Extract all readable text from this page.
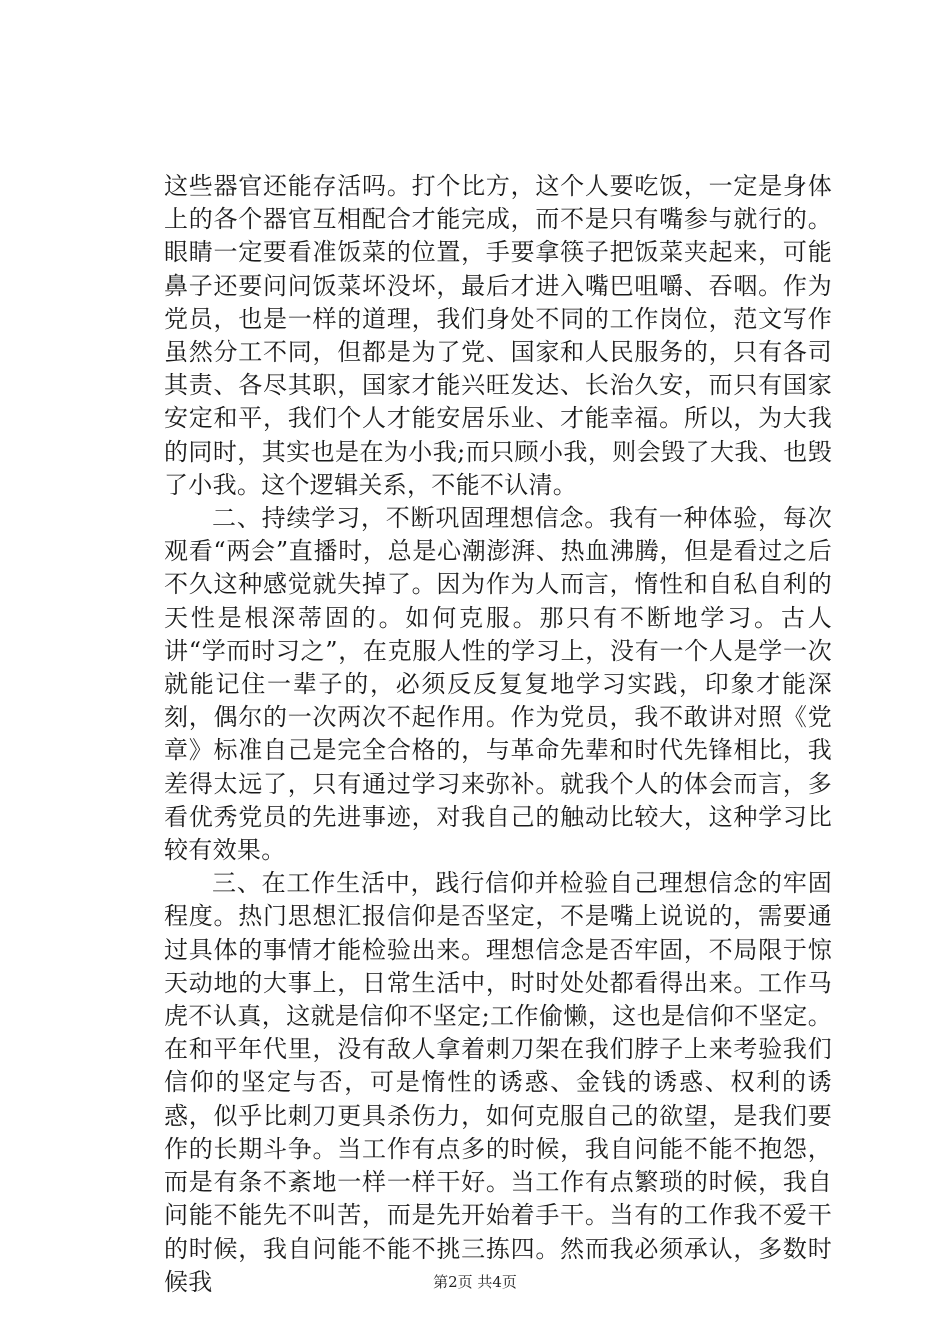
这些器官还能存活吗。打个比方，这个人要吃饭，一定是身体上的各个器官互相配合才能完成，而不是只有嘴参与就行的。眼睛一定要看准饭菜的位置，手要拿筷子把饭菜夹起来，可能鼻子还要问问饭菜坏没坏，最后才进入嘴巴咀嚼、吞咽。作为党员，也是一样的道理，我们身处不同的工作岗位，范文写作虽然分工不同，但都是为了党、国家和人民服务的，只有各司其责、各尽其职，国家才能兴旺发达、长治久安，而只有国家安定和平，我们个人才能安居乐业、才能幸福。所以，为大我的同时，其实也是在为小我;而只顾小我，则会毁了大我、也毁了小我。这个逻辑关系，不能不认清。

二、持续学习，不断巩固理想信念。我有一种体验，每次观看“两会”直播时，总是心潮澎湃、热血沸腾，但是看过之后不久这种感觉就失掉了。因为作为人而言，惰性和自私自利的天性是根深蒂固的。如何克服。那只有不断地学习。古人讲“学而时习之”，在克服人性的学习上，没有一个人是学一次就能记住一辈子的，必须反反复复地学习实践，印象才能深刻，偶尔的一次两次不起作用。作为党员，我不敢讲对照《党章》标准自己是完全合格的，与革命先辈和时代先锋相比，我差得太远了，只有通过学习来弥补。就我个人的体会而言，多看优秀党员的先进事迹，对我自己的触动比较大，这种学习比较有效果。

三、在工作生活中，践行信仰并检验自己理想信念的牢固程度。热门思想汇报信仰是否坚定，不是嘴上说说的，需要通过具体的事情才能检验出来。理想信念是否牢固，不局限于惊天动地的大事上，日常生活中，时时处处都看得出来。工作马虎不认真，这就是信仰不坚定;工作偷懒，这也是信仰不坚定。在和平年代里，没有敌人拿着刺刀架在我们脖子上来考验我们信仰的坚定与否，可是惰性的诱惑、金钱的诱惑、权利的诱惑，似乎比刺刀更具杀伤力，如何克服自己的欲望，是我们要作的长期斗争。当工作有点多的时候，我自问能不能不抱怨，而是有条不紊地一样一样干好。当工作有点繁琐的时候，我自问能不能先不叫苦，而是先开始着手干。当有的工作我不爱干的时候，我自问能不能不挑三拣四。然而我必须承认，多数时候我	第2页 共4页
